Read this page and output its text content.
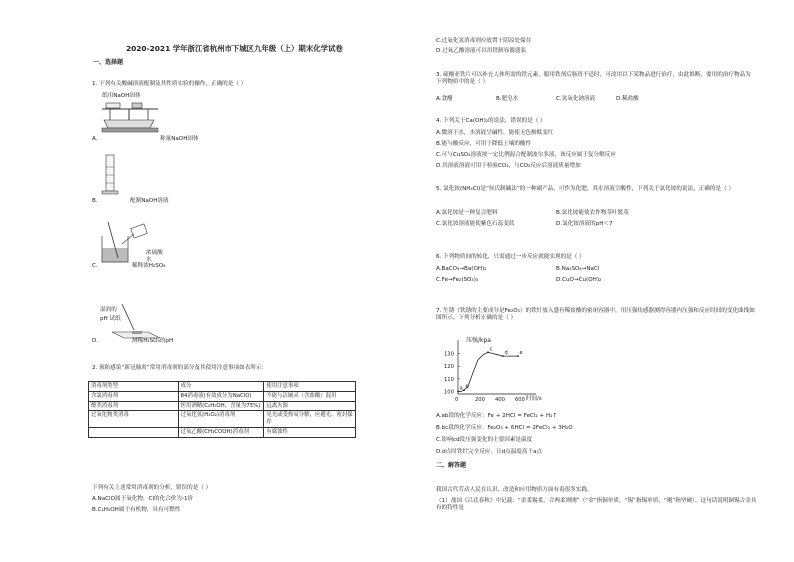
2020-2021 学年浙江省杭州市下城区九年级（上）期末化学试卷
一、选择题
1. 下列有关酸碱溶液配制及其性质实验的操作，正确的是（ ）
纸用NaOH固体
A.	称量NaOH固体
B.	配制NaOH溶液
浓硫酸
水
C.	稀释浓H₂SO₄
湿润的
pH 试纸
D.	测稀H₂SO₄的pH
2. 预防感染“新冠肺炎”常用消毒剂的部分及其使用注意事项如表所示：
消毒剂类型	成分	使用注意事项
含氯消毒剂	84消毒液(有效成分为NaClO)	不能与洁厕灵（含盐酸）混用
醇类消毒剂	医用酒精(C₂H₅OH，含量为75%)	远离火源
过氧化物类消毒	过氧化氢(H₂O₂)消毒剂	见光或受热易分解，应避光、密封保存
	过氧乙酸(CH₃COOH)消毒剂	有腐蚀性
下列有关上述常用消毒剂的分析，错误的是（ ）
A.NaClO属于氧化物，Cl的化合价为-1价
B.C₂H₅OH属于有机物，具有可燃性
C.过氧化氢消毒剂应放置于阴凉处保存
D.过氧乙酸溶液可以用铁制容器盛装
3. 硫酸亚铁片可以补充人体所需的铁元素，服用铁剂后肠胃不适时，可改用以下某物品进行治疗，由此推断，要用的治疗物品为下列物质中的是（ ）
A.食醋	B.肥皂水	C.氢氧化钠溶液	D.稀盐酸
4. 下列关于Ca(OH)₂的说法，错误的是（ ）
A.微溶于水，水溶液呈碱性，能使无色酚酞变红
B.能与酸反应，可用于降低土壤的酸性
C.可与CuSO₄溶液按一定比例混合配制波尔多液，该反应属于复分解反应
D.其溶液溶液可用于检验CO₂，与CO₂反应后溶液质量增加
5. 氯化铵(NH₄Cl)是“侯氏制碱法”的一种副产品，可作为化肥，其水溶液呈酸性，下列关于氯化铵的说法，正确的是（ ）
A.氯化铵是一种复合肥料	B.氯化铵能使农作物茎叶繁茂
C.氯化铵溶液能使紫色石蕊变蓝	D.氯化铵溶液的pH＜7
6. 下列物质间的转化，只需通过一步反应就能实现的是（ ）
A.BaCO₃→Ba(OH)₂	B.Na₂SO₄→NaCl
C.Fe→Fe₂(SO₄)₃	D.CuO→Cu(OH)₂
7. 生锈（铁锈的主要成分是Fe₂O₃）的铁钉放入盛有稀盐酸的密闭容器中，用压强传感器测得容器内压强和反应时间的变化曲线如图所示。下列分析正确的是（ ）
0	200 400 600
100
110
120
130
a b
c
d e
压强/kpa
时间/s
A.ab段的化学反应：Fe + 2HCl = FeCl₂ + H₂↑
B.bc段的化学反应：Fe₂O₃ + 6HCl = 2FeCl₃ + 3H₂O
C.影响cd段压强变化的主要因素是温度
D.d点时铁钉完全反应，且d点温度高于a点
二、解答题
我国古代劳动人民在认识、改造和应用物质方面有着很多实践。
（1）战国《吕氏春秋》中记载：“金柔锡柔，合两柔则刚”（“金”指铜单质，“锡”指锡单质，“刚”指坚硬）。这句话说明铜锡合金具有的特性是
